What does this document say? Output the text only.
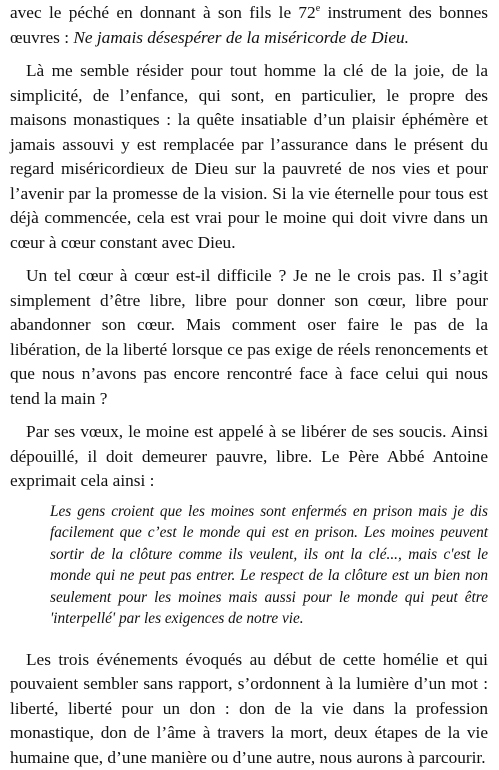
avec le péché en donnant à son fils le 72e instrument des bonnes œuvres : Ne jamais désespérer de la miséricorde de Dieu.

Là me semble résider pour tout homme la clé de la joie, de la simplicité, de l’enfance, qui sont, en particulier, le propre des maisons monastiques : la quête insatiable d’un plaisir éphémère et jamais assouvi y est remplacée par l’assurance dans le présent du regard miséricordieux de Dieu sur la pauvreté de nos vies et pour l’avenir par la promesse de la vision. Si la vie éternelle pour tous est déjà commencée, cela est vrai pour le moine qui doit vivre dans un cœur à cœur constant avec Dieu.

Un tel cœur à cœur est-il difficile ? Je ne le crois pas. Il s’agit simplement d’être libre, libre pour donner son cœur, libre pour abandonner son cœur. Mais comment oser faire le pas de la libération, de la liberté lorsque ce pas exige de réels renoncements et que nous n’avons pas encore rencontré face à face celui qui nous tend la main ?

Par ses vœux, le moine est appelé à se libérer de ses soucis. Ainsi dépouillé, il doit demeurer pauvre, libre. Le Père Abbé Antoine exprimait cela ainsi :

Les gens croient que les moines sont enfermés en prison mais je dis facilement que c’est le monde qui est en prison. Les moines peuvent sortir de la clôture comme ils veulent, ils ont la clé..., mais c'est le monde qui ne peut pas entrer. Le respect de la clôture est un bien non seulement pour les moines mais aussi pour le monde qui peut être 'interpellé' par les exigences de notre vie.

Les trois événements évoqués au début de cette homélie et qui pouvaient sembler sans rapport, s’ordonnent à la lumière d’un mot : liberté, liberté pour un don : don de la vie dans la profession monastique, don de l’âme à travers la mort, deux étapes de la vie humaine que, d’une manière ou d’une autre, nous aurons à parcourir.
